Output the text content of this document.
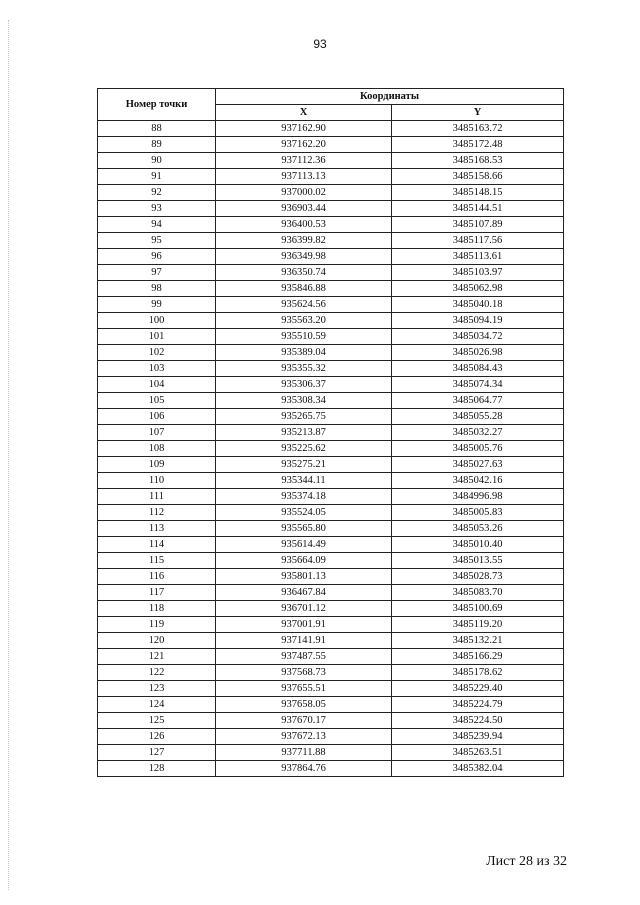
93
Номер точки	Координаты	
	X	Y
88	937162.90	3485163.72
89	937162.20	3485172.48
90	937112.36	3485168.53
91	937113.13	3485158.66
92	937000.02	3485148.15
93	936903.44	3485144.51
94	936400.53	3485107.89
95	936399.82	3485117.56
96	936349.98	3485113.61
97	936350.74	3485103.97
98	935846.88	3485062.98
99	935624.56	3485040.18
100	935563.20	3485094.19
101	935510.59	3485034.72
102	935389.04	3485026.98
103	935355.32	3485084.43
104	935306.37	3485074.34
105	935308.34	3485064.77
106	935265.75	3485055.28
107	935213.87	3485032.27
108	935225.62	3485005.76
109	935275.21	3485027.63
110	935344.11	3485042.16
111	935374.18	3484996.98
112	935524.05	3485005.83
113	935565.80	3485053.26
114	935614.49	3485010.40
115	935664.09	3485013.55
116	935801.13	3485028.73
117	936467.84	3485083.70
118	936701.12	3485100.69
119	937001.91	3485119.20
120	937141.91	3485132.21
121	937487.55	3485166.29
122	937568.73	3485178.62
123	937655.51	3485229.40
124	937658.05	3485224.79
125	937670.17	3485224.50
126	937672.13	3485239.94
127	937711.88	3485263.51
128	937864.76	3485382.04
Лист 28 из 32
